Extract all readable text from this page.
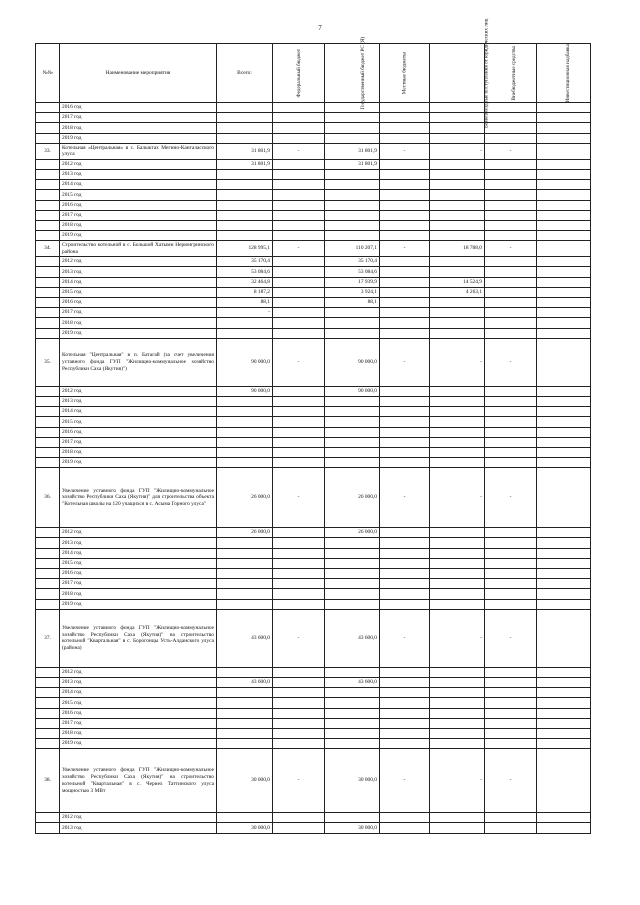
7
№№	Наименование мероприятия	Всего:	Федеральный бюджет	Государственный бюджет РС (Я)	Местные бюджеты	Безвозмездные поступления от юридических лиц	Внебюджетные средства	Инвестиционная надбавка
	2016 год							
	2017 год							
	2018 год							
	2019 год							
33.	Котельная «Центральная» в с. Балыктах Мегино-Кангаласского улуса	31 801,9	-	31 801,9	-	-	-	
	2012 год	31 801,9		31 801,9				
	2013 год							
	2014 год							
	2015 год							
	2016 год							
	2017 год							
	2018 год							
	2019 год							
34.	Строительство котельной в с. Большой Хатыми Нерюнгринского района	128 995,1	-	110 207,1	-	18 788,0	-	
	2012 год	35 170,4		35 170,4				
	2013 год	53 084,6		53 084,6				
	2014 год	32 464,8		17 939,9		14 524,9		
	2015 год	8 187,2		3 924,1		4 263,1		
	2016 год	88,1		88,1				
	2017 год	-						
	2018 год							
	2019 год							
35.	Котельная "Центральная" в п. Батагай (за счет увеличения уставного фонда ГУП "Жилищно-коммунальное хозяйство Республики Саха (Якутия)")	90 000,0	-	90 000,0	-	-	-	
	2012 год	90 000,0		90 000,0				
	2013 год							
	2014 год							
	2015 год							
	2016 год							
	2017 год							
	2018 год							
	2019 год							
36.	Увеличение уставного фонда ГУП "Жилищно-коммунальное хозяйство Республики Саха (Якутия)" для строительства объекта "Котельная школы на 120 учащихся в с. Асыма Горного улуса"	26 000,0	-	26 000,0	-	-	-	
	2012 год	26 000,0		26 000,0				
	2013 год							
	2014 год							
	2015 год							
	2016 год							
	2017 год							
	2018 год							
	2019 год							
37.	Увеличение уставного фонда ГУП "Жилищно-коммунальное хозяйство Республики Саха (Якутия)" на строительство котельной "Квартальная" в с. Борогонцы Усть-Алданского улуса (района)	43 600,0	-	43 600,0	-	-	-	
	2012 год							
	2013 год	43 600,0		43 600,0				
	2014 год							
	2015 год							
	2016 год							
	2017 год							
	2018 год							
	2019 год							
38.	Увеличение уставного фонда ГУП "Жилищно-коммунальное хозяйство Республики Саха (Якутия)" на строительство котельной "Квартальная" в с. Чериех Таттинского улуса мощностью 3 МВт	30 000,0	-	30 000,0	-	-	-	
	2012 год							
	2013 год	30 000,0		30 000,0				
